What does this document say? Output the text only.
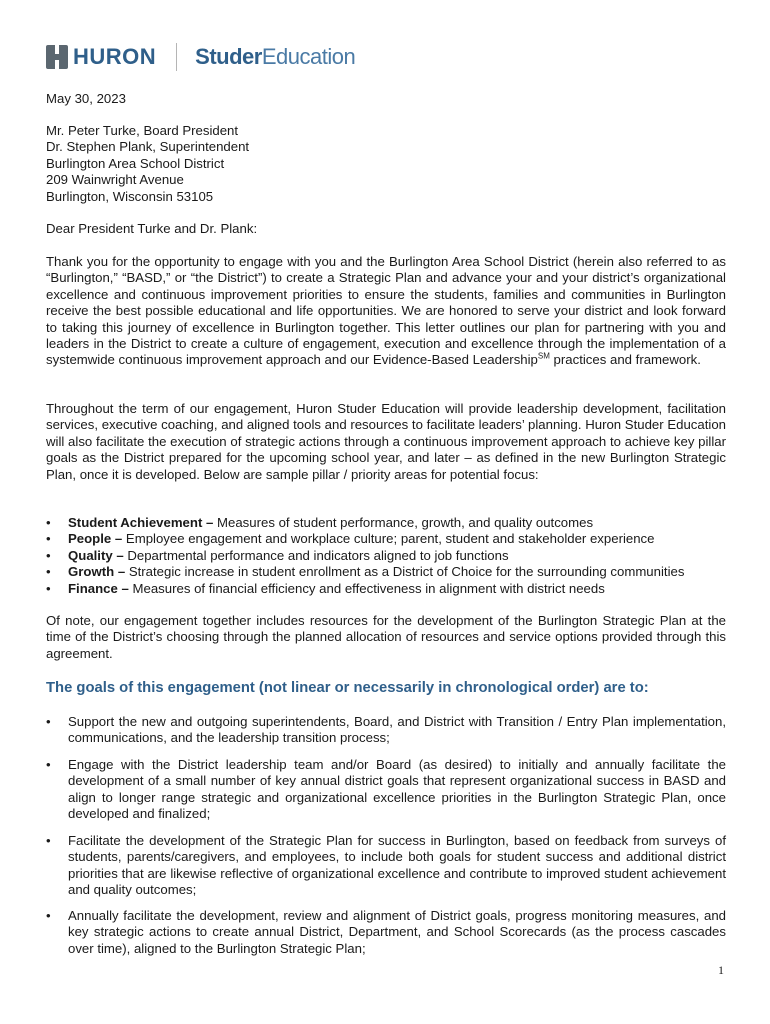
HURON StuderEducation

May 30, 2023

Mr. Peter Turke, Board President

Dr. Stephen Plank, Superintendent

Burlington Area School District

209 Wainwright Avenue

Burlington, Wisconsin 53105

Dear President Turke and Dr. Plank:

Thank you for the opportunity to engage with you and the Burlington Area School District (herein also referred to as “Burlington,” “BASD,” or “the District”) to create a Strategic Plan and advance your and your district’s organizational excellence and continuous improvement priorities to ensure the students, families and communities in Burlington receive the best possible educational and life opportunities. We are honored to serve your district and look forward to taking this journey of excellence in Burlington together. This letter outlines our plan for partnering with you and leaders in the District to create a culture of engagement, execution and excellence through the implementation of a systemwide continuous improvement approach and our Evidence-Based Leadership℠ practices and framework.

Throughout the term of our engagement, Huron Studer Education will provide leadership development, facilitation services, executive coaching, and aligned tools and resources to facilitate leaders’ planning. Huron Studer Education will also facilitate the execution of strategic actions through a continuous improvement approach to achieve key pillar goals as the District prepared for the upcoming school year, and later – as defined in the new Burlington Strategic Plan, once it is developed. Below are sample pillar / priority areas for potential focus:

• Student Achievement – Measures of student performance, growth, and quality outcomes
• People – Employee engagement and workplace culture; parent, student and stakeholder experience
• Quality – Departmental performance and indicators aligned to job functions
• Growth – Strategic increase in student enrollment as a District of Choice for the surrounding communities
• Finance – Measures of financial efficiency and effectiveness in alignment with district needs

Of note, our engagement together includes resources for the development of the Burlington Strategic Plan at the time of the District’s choosing through the planned allocation of resources and service options provided through this agreement.

The goals of this engagement (not linear or necessarily in chronological order) are to:
• Support the new and outgoing superintendents, Board, and District with Transition / Entry Plan implementation, communications, and the leadership transition process;
• Engage with the District leadership team and/or Board (as desired) to initially and annually facilitate the development of a small number of key annual district goals that represent organizational success in BASD and align to longer range strategic and organizational excellence priorities in the Burlington Strategic Plan, once developed and finalized;
• Facilitate the development of the Strategic Plan for success in Burlington, based on feedback from surveys of students, parents/caregivers, and employees, to include both goals for student success and additional district priorities that are likewise reflective of organizational excellence and contribute to improved student achievement and quality outcomes;
• Annually facilitate the development, review and alignment of District goals, progress monitoring measures, and key strategic actions to create annual District, Department, and School Scorecards (as the process cascades over time), aligned to the Burlington Strategic Plan;
1
